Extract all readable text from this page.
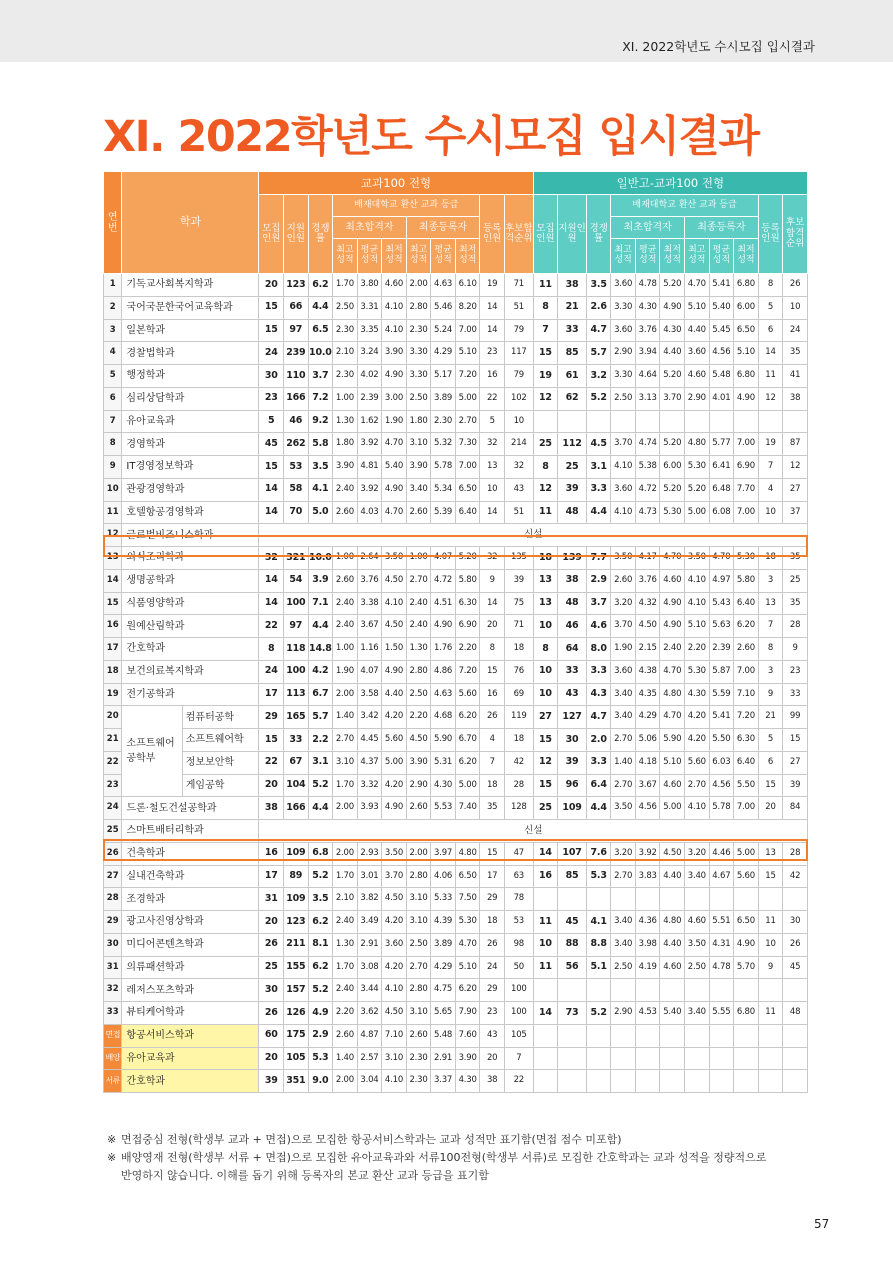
XI. 2022학년도 수시모집 입시결과
XI. 2022학년도 수시모집 입시결과
연번	학과		교과100 전형											일반고-교과100 전형										
			모집인원	지원인원	경쟁률	배재대학교 환산 교과 등급						등록인원	후보합격순위	모집인원	지원인원	경쟁률	배재대학교 환산 교과 등급						등록인원	후보합격순위
						최초합격자			최종등록자								최초합격자			최종등록자				
						최고성적	평균성적	최저성적	최고성적	평균성적	최저성적						최고성적	평균성적	최저성적	최고성적	평균성적	최저성적		
1	기독교사회복지학과		20	123	6.2	1.70	3.80	4.60	2.00	4.63	6.10	19	71	11	38	3.5	3.60	4.78	5.20	4.70	5.41	6.80	8	26
2	국어국문한국어교육학과		15	66	4.4	2.50	3.31	4.10	2.80	5.46	8.20	14	51	8	21	2.6	3.30	4.30	4.90	5.10	5.40	6.00	5	10
3	일본학과		15	97	6.5	2.30	3.35	4.10	2.30	5.24	7.00	14	79	7	33	4.7	3.60	3.76	4.30	4.40	5.45	6.50	6	24
4	경찰법학과		24	239	10.0	2.10	3.24	3.90	3.30	4.29	5.10	23	117	15	85	5.7	2.90	3.94	4.40	3.60	4.56	5.10	14	35
5	행정학과		30	110	3.7	2.30	4.02	4.90	3.30	5.17	7.20	16	79	19	61	3.2	3.30	4.64	5.20	4.60	5.48	6.80	11	41
6	심리상담학과		23	166	7.2	1.00	2.39	3.00	2.50	3.89	5.00	22	102	12	62	5.2	2.50	3.13	3.70	2.90	4.01	4.90	12	38
7	유아교육과		5	46	9.2	1.30	1.62	1.90	1.80	2.30	2.70	5	10											
8	경영학과		45	262	5.8	1.80	3.92	4.70	3.10	5.32	7.30	32	214	25	112	4.5	3.70	4.74	5.20	4.80	5.77	7.00	19	87
9	IT경영정보학과		15	53	3.5	3.90	4.81	5.40	3.90	5.78	7.00	13	32	8	25	3.1	4.10	5.38	6.00	5.30	6.41	6.90	7	12
10	관광경영학과		14	58	4.1	2.40	3.92	4.90	3.40	5.34	6.50	10	43	12	39	3.3	3.60	4.72	5.20	5.20	6.48	7.70	4	27
11	호텔항공경영학과		14	70	5.0	2.60	4.03	4.70	2.60	5.39	6.40	14	51	11	48	4.4	4.10	4.73	5.30	5.00	6.08	7.00	10	37
12	글로벌비즈니스학과		신설																					
13	외식조리학과		32	321	10.0	1.00	2.64	3.50	1.00	4.07	5.20	32	135	18	139	7.7	3.50	4.17	4.70	3.50	4.70	5.30	18	35
14	생명공학과		14	54	3.9	2.60	3.76	4.50	2.70	4.72	5.80	9	39	13	38	2.9	2.60	3.76	4.60	4.10	4.97	5.80	3	25
15	식품영양학과		14	100	7.1	2.40	3.38	4.10	2.40	4.51	6.30	14	75	13	48	3.7	3.20	4.32	4.90	4.10	5.43	6.40	13	35
16	원예산림학과		22	97	4.4	2.40	3.67	4.50	2.40	4.90	6.90	20	71	10	46	4.6	3.70	4.50	4.90	5.10	5.63	6.20	7	28
17	간호학과		8	118	14.8	1.00	1.16	1.50	1.30	1.76	2.20	8	18	8	64	8.0	1.90	2.15	2.40	2.20	2.39	2.60	8	9
18	보건의료복지학과		24	100	4.2	1.90	4.07	4.90	2.80	4.86	7.20	15	76	10	33	3.3	3.60	4.38	4.70	5.30	5.87	7.00	3	23
19	전기공학과		17	113	6.7	2.00	3.58	4.40	2.50	4.63	5.60	16	69	10	43	4.3	3.40	4.35	4.80	4.30	5.59	7.10	9	33
20	소프트웨어공학부	컴퓨터공학	29	165	5.7	1.40	3.42	4.20	2.20	4.68	6.20	26	119	27	127	4.7	3.40	4.29	4.70	4.20	5.41	7.20	21	99
21		소프트웨어학	15	33	2.2	2.70	4.45	5.60	4.50	5.90	6.70	4	18	15	30	2.0	2.70	5.06	5.90	4.20	5.50	6.30	5	15
22		정보보안학	22	67	3.1	3.10	4.37	5.00	3.90	5.31	6.20	7	42	12	39	3.3	1.40	4.18	5.10	5.60	6.03	6.40	6	27
23		게임공학	20	104	5.2	1.70	3.32	4.20	2.90	4.30	5.00	18	28	15	96	6.4	2.70	3.67	4.60	2.70	4.56	5.50	15	39
24	드론·철도건설공학과		38	166	4.4	2.00	3.93	4.90	2.60	5.53	7.40	35	128	25	109	4.4	3.50	4.56	5.00	4.10	5.78	7.00	20	84
25	스마트배터리학과		신설																					
26	건축학과		16	109	6.8	2.00	2.93	3.50	2.00	3.97	4.80	15	47	14	107	7.6	3.20	3.92	4.50	3.20	4.46	5.00	13	28
27	실내건축학과		17	89	5.2	1.70	3.01	3.70	2.80	4.06	6.50	17	63	16	85	5.3	2.70	3.83	4.40	3.40	4.67	5.60	15	42
28	조경학과		31	109	3.5	2.10	3.82	4.50	3.10	5.33	7.50	29	78											
29	광고사진영상학과		20	123	6.2	2.40	3.49	4.20	3.10	4.39	5.30	18	53	11	45	4.1	3.40	4.36	4.80	4.60	5.51	6.50	11	30
30	미디어콘텐츠학과		26	211	8.1	1.30	2.91	3.60	2.50	3.89	4.70	26	98	10	88	8.8	3.40	3.98	4.40	3.50	4.31	4.90	10	26
31	의류패션학과		25	155	6.2	1.70	3.08	4.20	2.70	4.29	5.10	24	50	11	56	5.1	2.50	4.19	4.60	2.50	4.78	5.70	9	45
32	레저스포츠학과		30	157	5.2	2.40	3.44	4.10	2.80	4.75	6.20	29	100											
33	뷰티케어학과		26	126	4.9	2.20	3.62	4.50	3.10	5.65	7.90	23	100	14	73	5.2	2.90	4.53	5.40	3.40	5.55	6.80	11	48
면접	항공서비스학과		60	175	2.9	2.60	4.87	7.10	2.60	5.48	7.60	43	105											
배양	유아교육과		20	105	5.3	1.40	2.57	3.10	2.30	2.91	3.90	20	7											
서류	간호학과		39	351	9.0	2.00	3.04	4.10	2.30	3.37	4.30	38	22											

※ 면접중심 전형(학생부 교과 + 면접)으로 모집한 항공서비스학과는 교과 성적만 표기함(면접 점수 미포함)

※ 배양영재 전형(학생부 서류 + 면접)으로 모집한 유아교육과와 서류100전형(학생부 서류)로 모집한 간호학과는 교과 성적을 정량적으로

반영하지 않습니다. 이해를 돕기 위해 등록자의 본교 환산 교과 등급을 표기함

57
